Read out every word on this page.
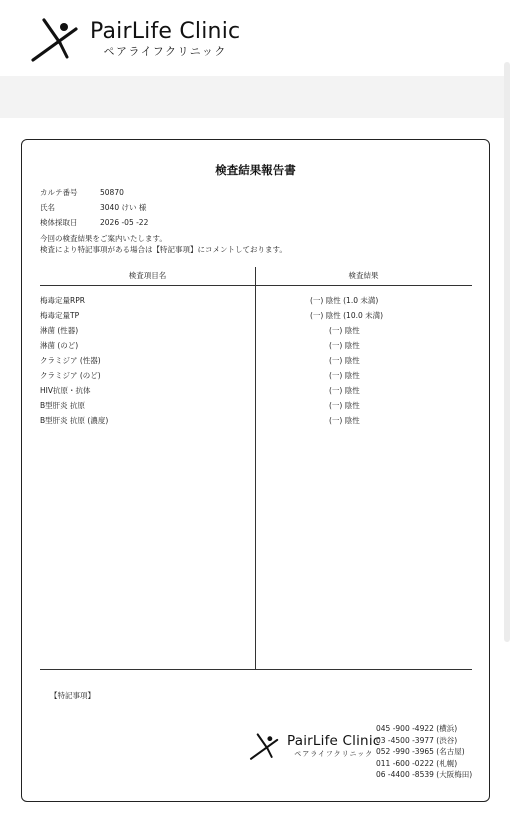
PairLife Clinic
ペアライフクリニック
検査結果報告書
カルテ番号	50870
氏名	3040 けい 様
検体採取日	2026 -05 -22
今回の検査結果をご案内いたします。
検査により特記事項がある場合は【特記事項】にコメントしております。
検査項目名	検査結果
梅毒定量RPR	(一) 陰性 (1.0 未満)
梅毒定量TP	(一) 陰性 (10.0 未満)
淋菌 (性器)	(一) 陰性
淋菌 (のど)	(一) 陰性
クラミジア (性器)	(一) 陰性
クラミジア (のど)	(一) 陰性
HIV抗原・抗体	(一) 陰性
B型肝炎 抗原	(一) 陰性
B型肝炎 抗原 (濃度)	(一) 陰性
【特記事項】
PairLife Clinic
ペアライフクリニック
045 -900 -4922 (横浜)
03 -4500 -3977 (渋谷)
052 -990 -3965 (名古屋)
011 -600 -0222 (札幌)
06 -4400 -8539 (大阪梅田)
